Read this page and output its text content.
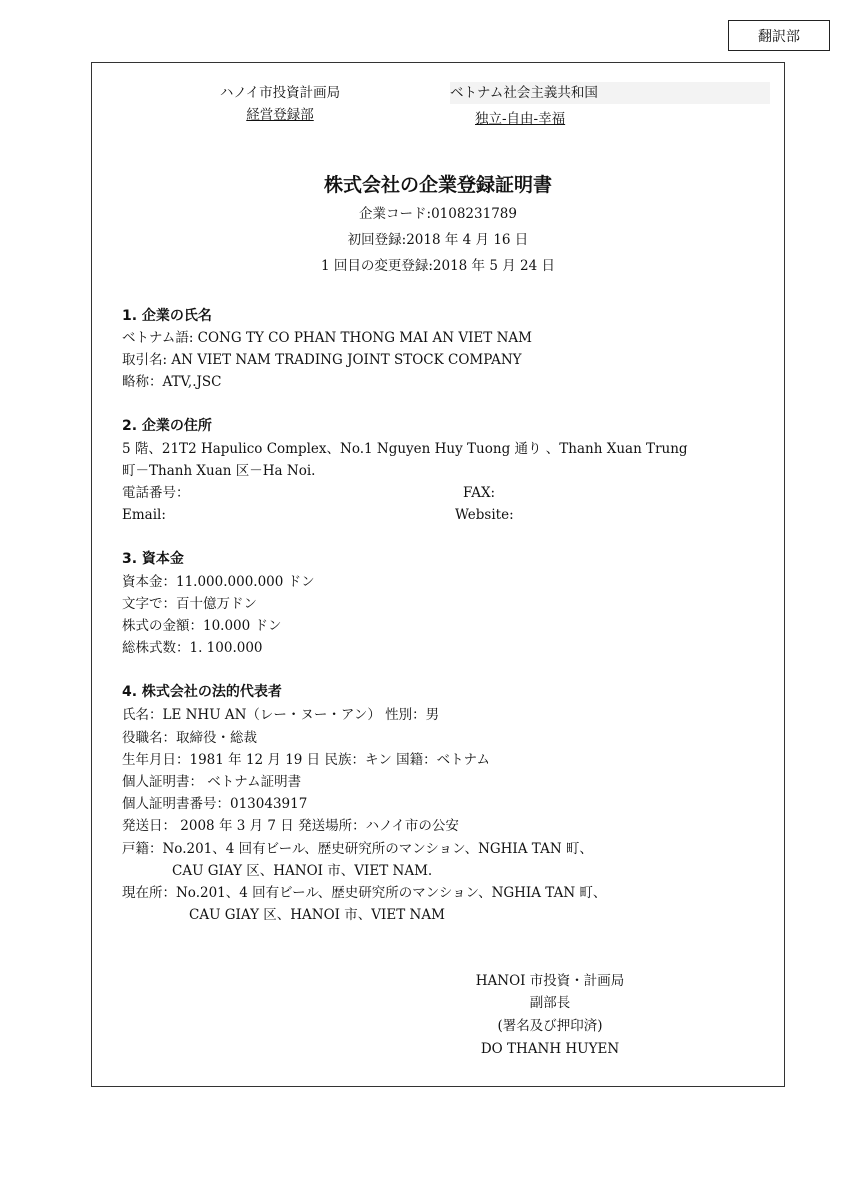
翻訳部
ハノイ市投資計画局
経営登録部
ベトナム社会主義共和国
独立-自由-幸福
株式会社の企業登録証明書
企業コード:0108231789
初回登録:2018 年 4 月 16 日
1 回目の変更登録:2018 年 5 月 24 日
1. 企業の氏名
ベトナム語: CONG TY CO PHAN THONG MAI AN VIET NAM
取引名: AN VIET NAM TRADING JOINT STOCK COMPANY
略称：ATV,.JSC
2. 企業の住所
5 階、21T2 Hapulico Complex、No.1 Nguyen Huy Tuong 通り 、Thanh Xuan Trung
町－Thanh Xuan 区－Ha Noi.
電話番号：	FAX:
Email:	Website:
3. 資本金
資本金：11.000.000.000 ドン
文字で：百十億万ドン
株式の金額：10.000 ドン
総株式数：1. 100.000
4. 株式会社の法的代表者
氏名：LE NHU AN（レー・ヌー・アン） 性別：男
役職名：取締役・総裁
生年月日：1981 年 12 月 19 日 民族：キン 国籍：ベトナム
個人証明書： ベトナム証明書
個人証明書番号：013043917
発送日： 2008 年 3 月 7 日 発送場所：ハノイ市の公安
戸籍：No.201、4 回有ビール、歴史研究所のマンション、NGHIA TAN 町、
CAU GIAY 区、HANOI 市、VIET NAM.
現在所：No.201、4 回有ビール、歴史研究所のマンション、NGHIA TAN 町、
CAU GIAY 区、HANOI 市、VIET NAM
HANOI 市投資・計画局
副部長
(署名及び押印済)
DO THANH HUYEN
